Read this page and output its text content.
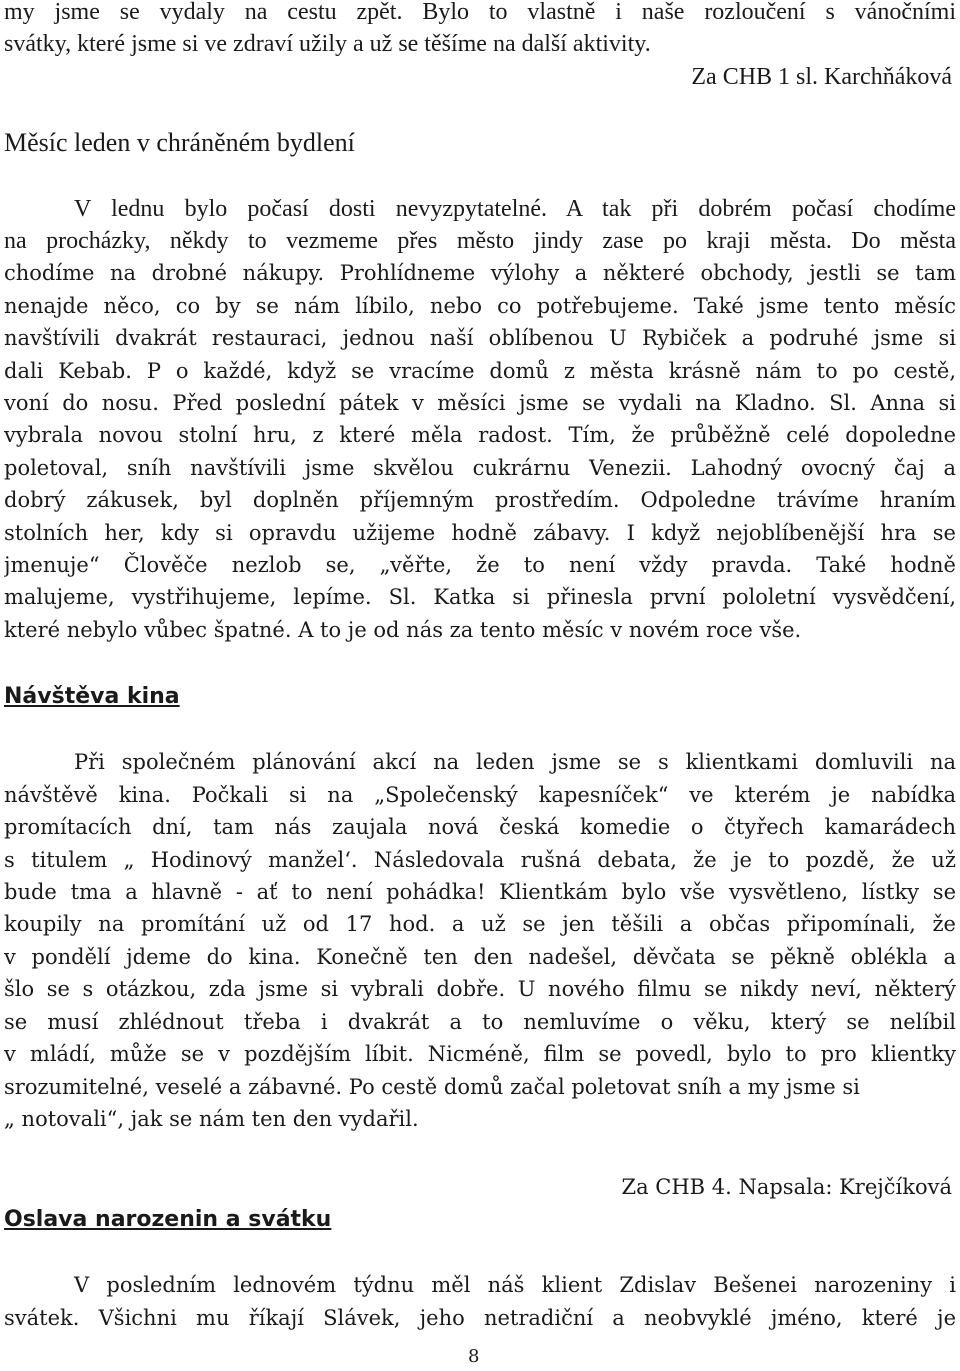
my jsme se vydaly na cestu zpět. Bylo to vlastně i naše rozloučení s vánočními
svátky, které jsme si ve zdraví užily a už se těšíme na další aktivity.
Za CHB 1 sl. Karchňáková
Měsíc leden v chráněném bydlení
V lednu bylo počasí dosti nevyzpytatelné. A tak při dobrém počasí chodíme
na procházky, někdy to vezmeme přes město jindy zase po kraji města. Do města
chodíme na drobné nákupy. Prohlídneme výlohy a některé obchody, jestli se tam
nenajde něco, co by se nám líbilo, nebo co potřebujeme. Také jsme tento měsíc
navštívili dvakrát restauraci, jednou naší oblíbenou U Rybiček a podruhé jsme si
dali Kebab. P o každé, když se vracíme domů z města krásně nám to po cestě,
voní do nosu. Před poslední pátek v měsíci jsme se vydali na Kladno. Sl. Anna si
vybrala novou stolní hru, z které měla radost. Tím, že průběžně celé dopoledne
poletoval, sníh navštívili jsme skvělou cukrárnu Venezii. Lahodný ovocný čaj a
dobrý zákusek, byl doplněn příjemným prostředím. Odpoledne trávíme hraním
stolních her, kdy si opravdu užijeme hodně zábavy. I když nejoblíbenější hra se
jmenuje“ Člověče nezlob se, „věřte, že to není vždy pravda. Také hodně
malujeme, vystřihujeme, lepíme. Sl. Katka si přinesla první pololetní vysvědčení,
které nebylo vůbec špatné. A to je od nás za tento měsíc v novém roce vše.
Návštěva kina
Při společném plánování akcí na leden jsme se s klientkami domluvili na
návštěvě kina. Počkali si na „Společenský kapesníček“ ve kterém je nabídka
promítacích dní, tam nás zaujala nová česká komedie o čtyřech kamarádech
s titulem „ Hodinový manžel‘. Následovala rušná debata, že je to pozdě, že už
bude tma a hlavně - ať to není pohádka! Klientkám bylo vše vysvětleno, lístky se
koupily na promítání už od 17 hod. a už se jen těšili a občas připomínali, že
v pondělí jdeme do kina. Konečně ten den nadešel, děvčata se pěkně oblékla a
šlo se s otázkou, zda jsme si vybrali dobře. U nového filmu se nikdy neví, některý
se musí zhlédnout třeba i dvakrát a to nemluvíme o věku, který se nelíbil
v mládí, může se v pozdějším líbit. Nicméně, film se povedl, bylo to pro klientky
srozumitelné, veselé a zábavné. Po cestě domů začal poletovat sníh a my jsme si
„ notovali“, jak se nám ten den vydařil.
Za CHB 4. Napsala: Krejčíková
Oslava narozenin a svátku
V posledním lednovém týdnu měl náš klient Zdislav Bešenei narozeniny i
svátek. Všichni mu říkají Slávek, jeho netradiční a neobvyklé jméno, které je
8
